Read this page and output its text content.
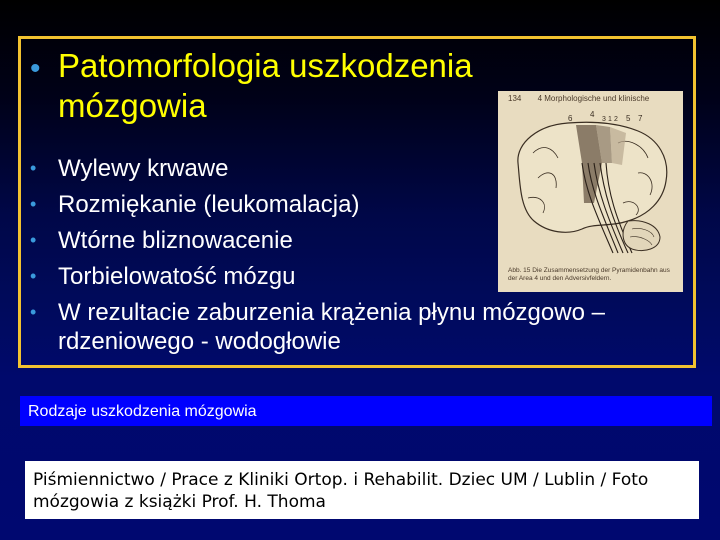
• Patomorfologia uszkodzenia mózgowia
• Wylewy krwawe
• Rozmiękanie (leukomalacja)
• Wtórne bliznowacenie
• Torbielowatość mózgu
• W rezultacie zaburzenia krążenia płynu mózgowo – rdzeniowego - wodogłowie
134 4 Morphologische und klinische
6 4
3 1 2 5 7
Abb. 15 Die Zusammensetzung der Pyramidenbahn aus der Area 4 und den Adversivfeldern.
Rodzaje uszkodzenia mózgowia
Piśmiennictwo / Prace z Kliniki Ortop. i Rehabilit. Dziec UM / Lublin / Foto mózgowia z książki Prof. H. Thoma
